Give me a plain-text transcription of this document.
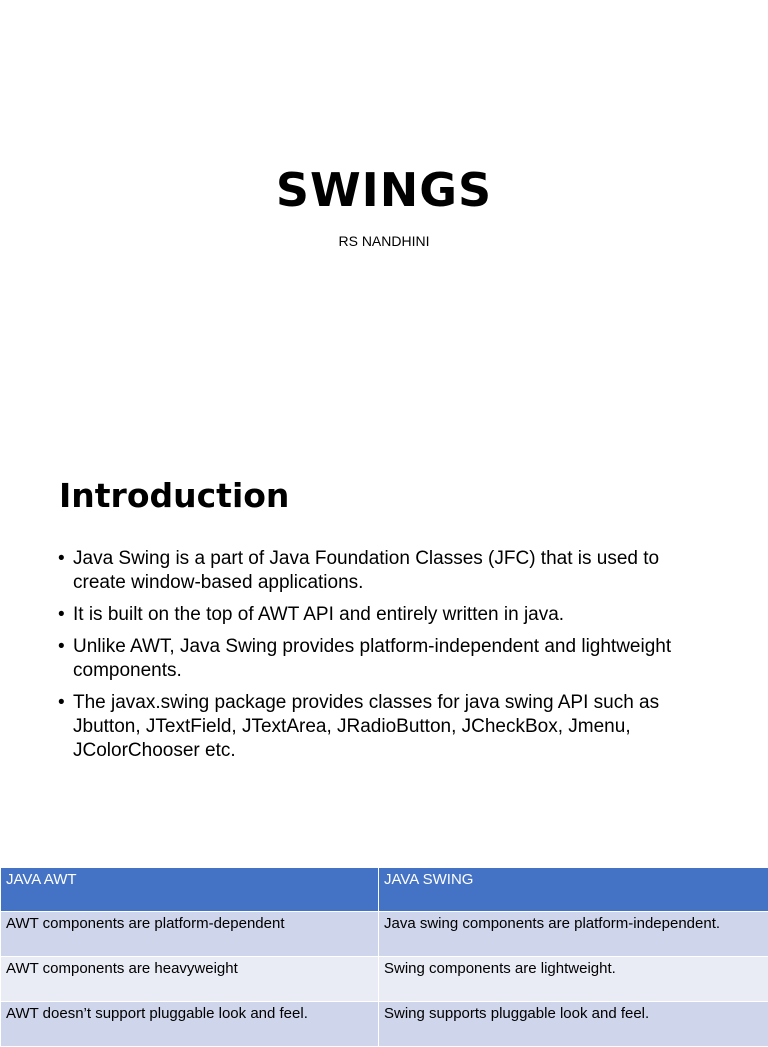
SWINGS
RS NANDHINI
Introduction
• Java Swing is a part of Java Foundation Classes (JFC) that is used to create window-based applications.
• It is built on the top of AWT API and entirely written in java.
• Unlike AWT, Java Swing provides platform-independent and lightweight components.
• The javax.swing package provides classes for java swing API such as Jbutton, JTextField, JTextArea, JRadioButton, JCheckBox, Jmenu, JColorChooser etc.
JAVA AWT	JAVA SWING
AWT components are platform-dependent	Java swing components are platform-independent.
AWT components are heavyweight	Swing components are lightweight.
AWT doesn’t support pluggable look and feel.	Swing supports pluggable look and feel.
